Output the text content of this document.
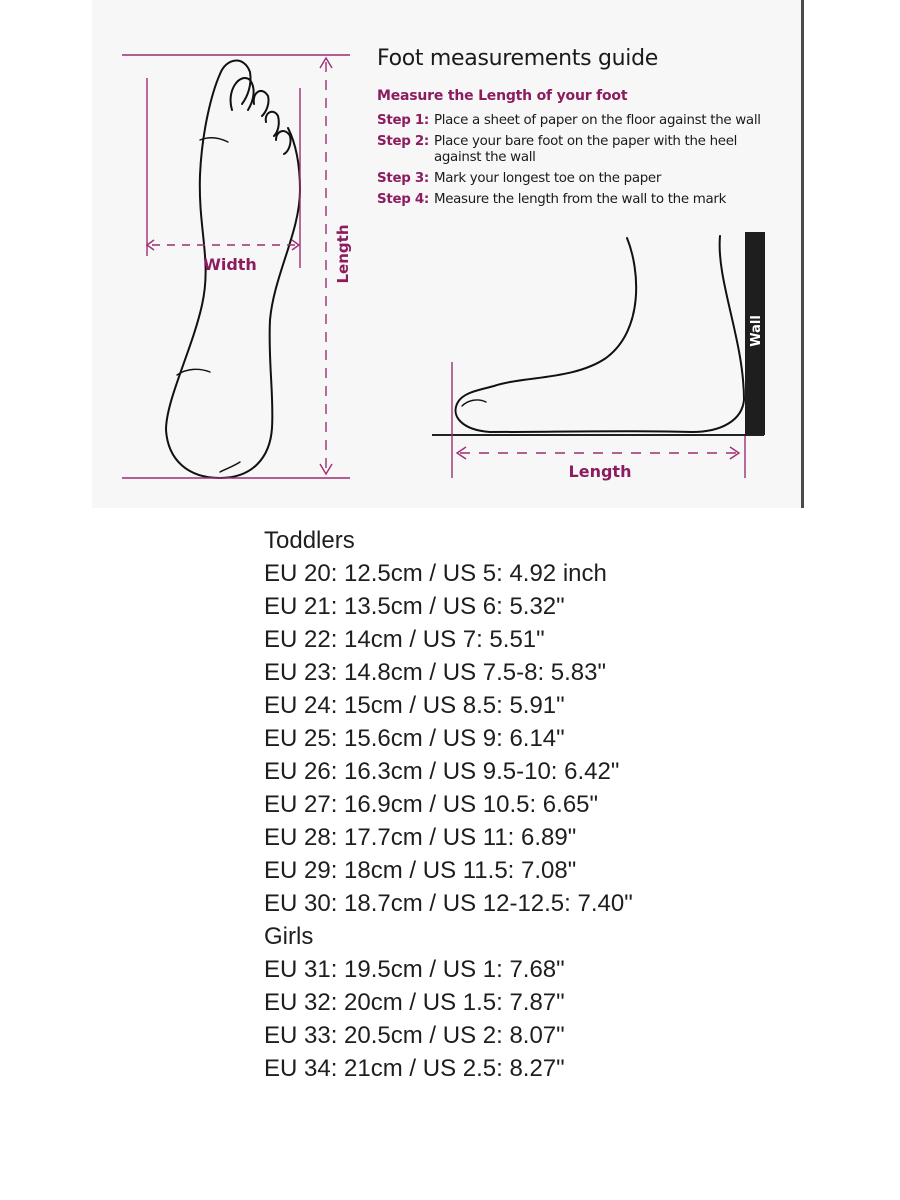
Width	Length
Length
Wall
Foot measurements guide

Measure the Length of your foot

Step 1: Place a sheet of paper on the floor against the wall
Step 2: Place your bare foot on the paper with the heel against the wall
Step 3: Mark your longest toe on the paper
Step 4: Measure the length from the wall to the mark
Toddlers
EU 20: 12.5cm / US 5: 4.92 inch
EU 21: 13.5cm / US 6: 5.32"
EU 22: 14cm / US 7: 5.51"
EU 23: 14.8cm / US 7.5-8: 5.83"
EU 24: 15cm / US 8.5: 5.91"
EU 25: 15.6cm / US 9: 6.14"
EU 26: 16.3cm / US 9.5-10: 6.42"
EU 27: 16.9cm / US 10.5: 6.65"
EU 28: 17.7cm / US 11: 6.89"
EU 29: 18cm / US 11.5: 7.08"
EU 30: 18.7cm / US 12-12.5: 7.40"
Girls
EU 31: 19.5cm / US 1: 7.68"
EU 32: 20cm / US 1.5: 7.87"
EU 33: 20.5cm / US 2: 8.07"
EU 34: 21cm / US 2.5: 8.27"
